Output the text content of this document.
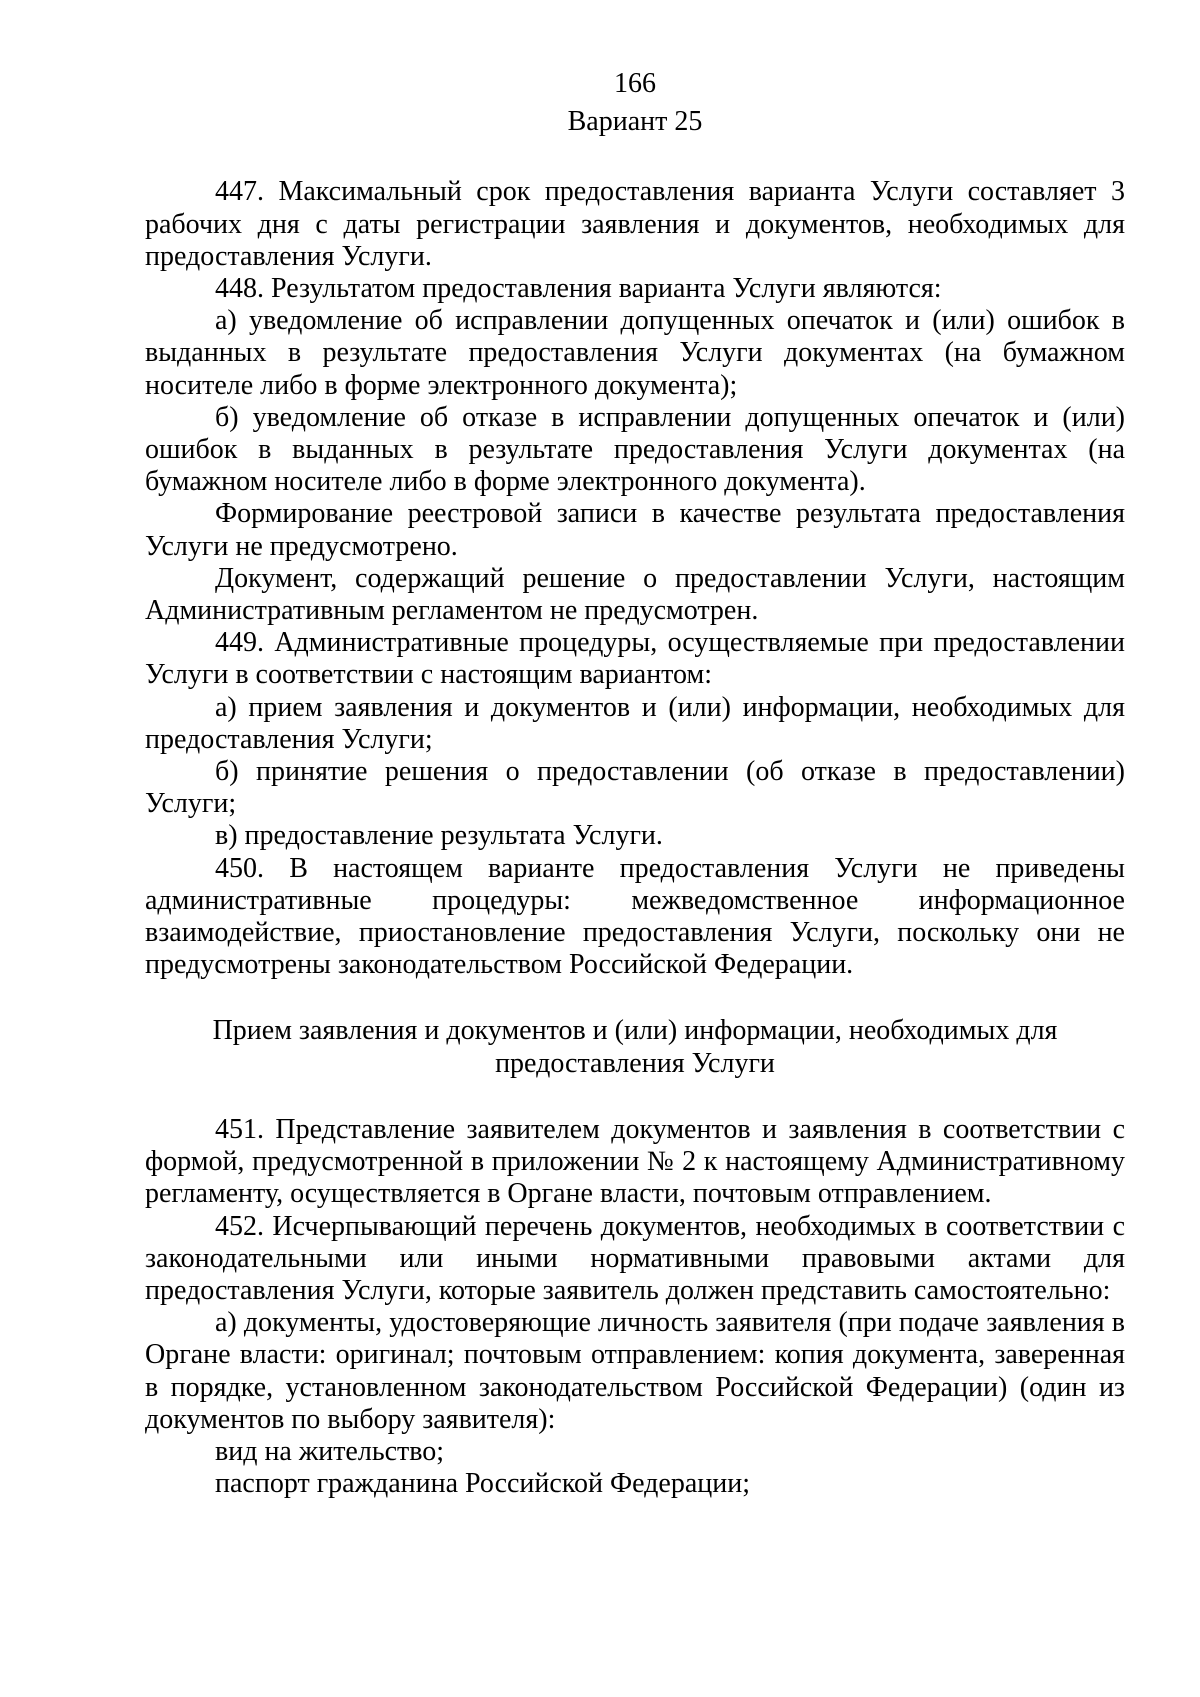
166

Вариант 25

447. Максимальный срок предоставления варианта Услуги составляет 3 рабочих дня с даты регистрации заявления и документов, необходимых для предоставления Услуги.

448. Результатом предоставления варианта Услуги являются:

а) уведомление об исправлении допущенных опечаток и (или) ошибок в выданных в результате предоставления Услуги документах (на бумажном носителе либо в форме электронного документа);

б) уведомление об отказе в исправлении допущенных опечаток и (или) ошибок в выданных в результате предоставления Услуги документах (на бумажном носителе либо в форме электронного документа).

Формирование реестровой записи в качестве результата предоставления Услуги не предусмотрено.

Документ, содержащий решение о предоставлении Услуги, настоящим Административным регламентом не предусмотрен.

449. Административные процедуры, осуществляемые при предоставлении Услуги в соответствии с настоящим вариантом:

а) прием заявления и документов и (или) информации, необходимых для предоставления Услуги;

б) принятие решения о предоставлении (об отказе в предоставлении) Услуги;

в) предоставление результата Услуги.

450. В настоящем варианте предоставления Услуги не приведены административные процедуры: межведомственное информационное взаимодействие, приостановление предоставления Услуги, поскольку они не предусмотрены законодательством Российской Федерации.

Прием заявления и документов и (или) информации, необходимых для предоставления Услуги

451. Представление заявителем документов и заявления в соответствии с формой, предусмотренной в приложении № 2 к настоящему Административному регламенту, осуществляется в Органе власти, почтовым отправлением.

452. Исчерпывающий перечень документов, необходимых в соответствии с законодательными или иными нормативными правовыми актами для предоставления Услуги, которые заявитель должен представить самостоятельно:

а) документы, удостоверяющие личность заявителя (при подаче заявления в Органе власти: оригинал; почтовым отправлением: копия документа, заверенная в порядке, установленном законодательством Российской Федерации) (один из документов по выбору заявителя):

вид на жительство;

паспорт гражданина Российской Федерации;
